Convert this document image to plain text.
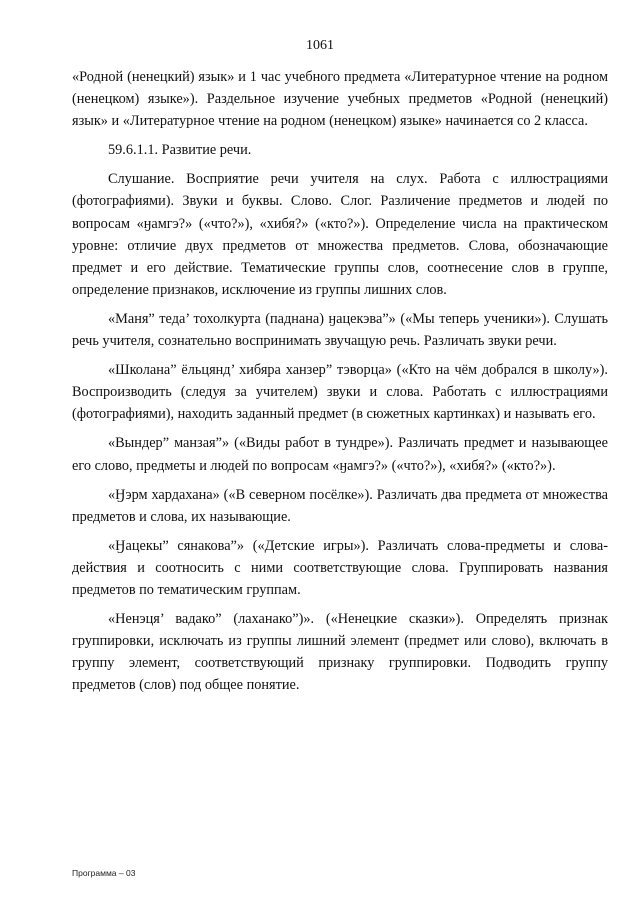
1061

«Родной (ненецкий) язык» и 1 час учебного предмета «Литературное чтение на родном (ненецком) языке»). Раздельное изучение учебных предметов «Родной (ненецкий) язык» и «Литературное чтение на родном (ненецком) языке» начинается со 2 класса.

59.6.1.1. Развитие речи.

Слушание. Восприятие речи учителя на слух. Работа с иллюстрациями (фотографиями). Звуки и буквы. Слово. Слог. Различение предметов и людей по вопросам «ӈамгэ?» («что?»), «хибя?» («кто?»). Определение числа на практическом уровне: отличие двух предметов от множества предметов. Слова, обозначающие предмет и его действие. Тематические группы слов, соотнесение слов в группе, определение признаков, исключение из группы лишних слов.

«Маня” теда’ тохолкурта (паднана) ӈацекэва”» («Мы теперь ученики»). Слушать речь учителя, сознательно воспринимать звучащую речь. Различать звуки речи.

«Школана” ёльцянд’ хибяра ханзер” тэворца» («Кто на чём добрался в школу»). Воспроизводить (следуя за учителем) звуки и слова. Работать с иллюстрациями (фотографиями), находить заданный предмет (в сюжетных картинках) и называть его.

«Вындер” манзая”» («Виды работ в тундре»). Различать предмет и называющее его слово, предметы и людей по вопросам «ӈамгэ?» («что?»), «хибя?» («кто?»).

«Ӈэрм хардахана» («В северном посёлке»). Различать два предмета от множества предметов и слова, их называющие.

«Ӈацекы” сянакова”» («Детские игры»). Различать слова-предметы и слова-действия и соотносить с ними соответствующие слова. Группировать названия предметов по тематическим группам.

«Ненэця’ вадако” (лаханако”)». («Ненецкие сказки»). Определять признак группировки, исключать из группы лишний элемент (предмет или слово), включать в группу элемент, соответствующий признаку группировки. Подводить группу предметов (слов) под общее понятие.

Программа – 03
